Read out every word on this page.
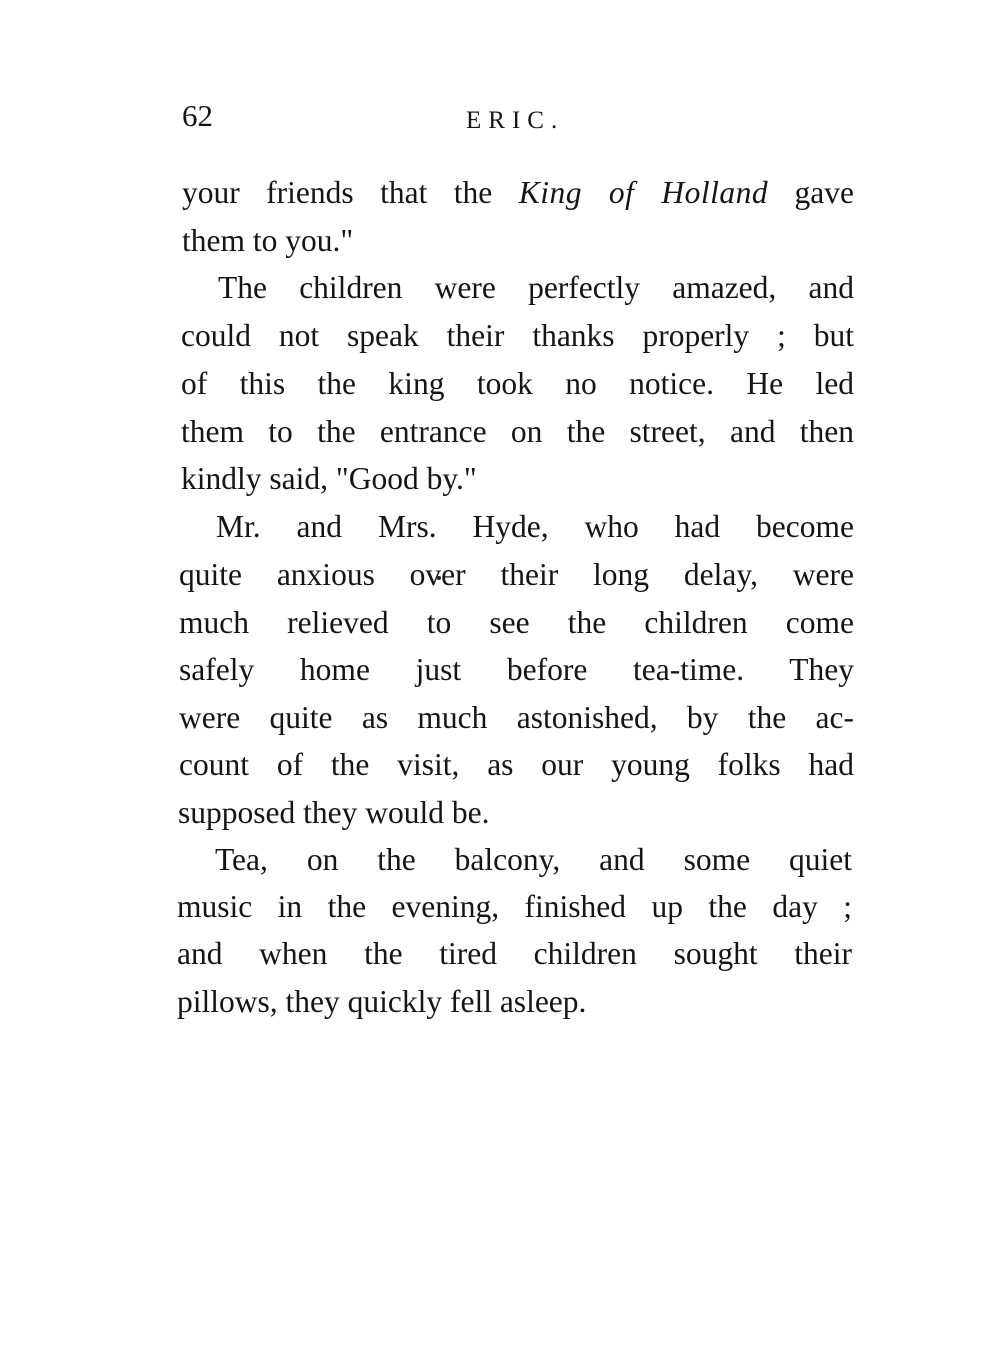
62	ERIC.
your friends that the King of Holland gave
them to you."
The children were perfectly amazed, and
could not speak their thanks properly ; but
of this the king took no notice. He led
them to the entrance on the street, and then
kindly said, "Good by."
Mr. and Mrs. Hyde, who had become
quite anxious over their long delay, were
much relieved to see the children come
safely home just before tea-time. They
were quite as much astonished, by the ac-
count of the visit, as our young folks had
supposed they would be.
Tea, on the balcony, and some quiet
music in the evening, finished up the day ;
and when the tired children sought their
pillows, they quickly fell asleep.
